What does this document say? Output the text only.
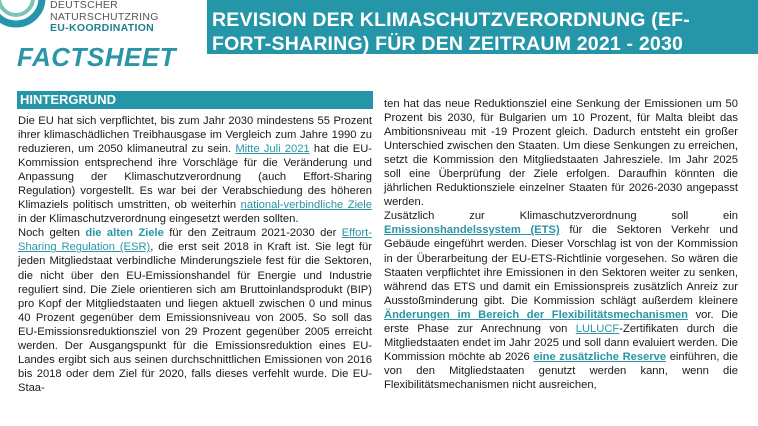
DEUTSCHER
NATURSCHUTZRING
EU-KOORDINATION
FACTSHEET
REVISION DER KLIMASCHUTZVERORDNUNG (EF-FORT-SHARING) FÜR DEN ZEITRAUM 2021 - 2030
HINTERGRUND

Die EU hat sich verpflichtet, bis zum Jahr 2030 mindestens 55 Prozent ihrer klimaschädlichen Treibhausgase im Vergleich zum Jahre 1990 zu reduzieren, um 2050 klimaneutral zu sein. Mitte Juli 2021 hat die EU-Kommission entsprechend ihre Vorschläge für die Veränderung und Anpassung der Klimaschutzverordnung (auch Effort-Sharing Regulation) vorgestellt. Es war bei der Verabschiedung des höheren Klimaziels politisch umstritten, ob weiterhin national-verbindliche Ziele in der Klimaschutzverordnung eingesetzt werden sollten.

Noch gelten die alten Ziele für den Zeitraum 2021-2030 der Effort-Sharing Regulation (ESR), die erst seit 2018 in Kraft ist. Sie legt für jeden Mitgliedstaat verbindliche Minderungsziele fest für die Sektoren, die nicht über den EU-Emissionshandel für Energie und Industrie reguliert sind. Die Ziele orientieren sich am Bruttoinlandsprodukt (BIP) pro Kopf der Mitgliedstaaten und liegen aktuell zwischen 0 und minus 40 Prozent gegenüber dem Emissionsniveau von 2005. So soll das EU-Emissionsreduktionsziel von 29 Prozent gegenüber 2005 erreicht werden. Der Ausgangspunkt für die Emissionsreduktion eines EU-Landes ergibt sich aus seinen durchschnittlichen Emissionen von 2016 bis 2018 oder dem Ziel für 2020, falls dieses verfehlt wurde. Die EU-Staa-

ten hat das neue Reduktionsziel eine Senkung der Emissionen um 50 Prozent bis 2030, für Bulgarien um 10 Prozent, für Malta bleibt das Ambitionsniveau mit -19 Prozent gleich. Dadurch entsteht ein großer Unterschied zwischen den Staaten. Um diese Senkungen zu erreichen, setzt die Kommission den Mitgliedstaaten Jahresziele. Im Jahr 2025 soll eine Überprüfung der Ziele erfolgen. Daraufhin könnten die jährlichen Reduktionsziele einzelner Staaten für 2026-2030 angepasst werden.

Zusätzlich zur Klimaschutzverordnung soll ein Emissionshandelssystem (ETS) für die Sektoren Verkehr und Gebäude eingeführt werden. Dieser Vorschlag ist von der Kommission in der Überarbeitung der EU-ETS-Richtlinie vorgesehen. So wären die Staaten verpflichtet ihre Emissionen in den Sektoren weiter zu senken, während das ETS und damit ein Emissionspreis zusätzlich Anreiz zur Ausstoßminderung gibt. Die Kommission schlägt außerdem kleinere Änderungen im Bereich der Flexibilitätsmechanismen vor. Die erste Phase zur Anrechnung von LULUCF-Zertifikaten durch die Mitgliedstaaten endet im Jahr 2025 und soll dann evaluiert werden. Die Kommission möchte ab 2026 eine zusätzliche Reserve einführen, die von den Mitgliedstaaten genutzt werden kann, wenn die Flexibilitätsmechanismen nicht ausreichen,
